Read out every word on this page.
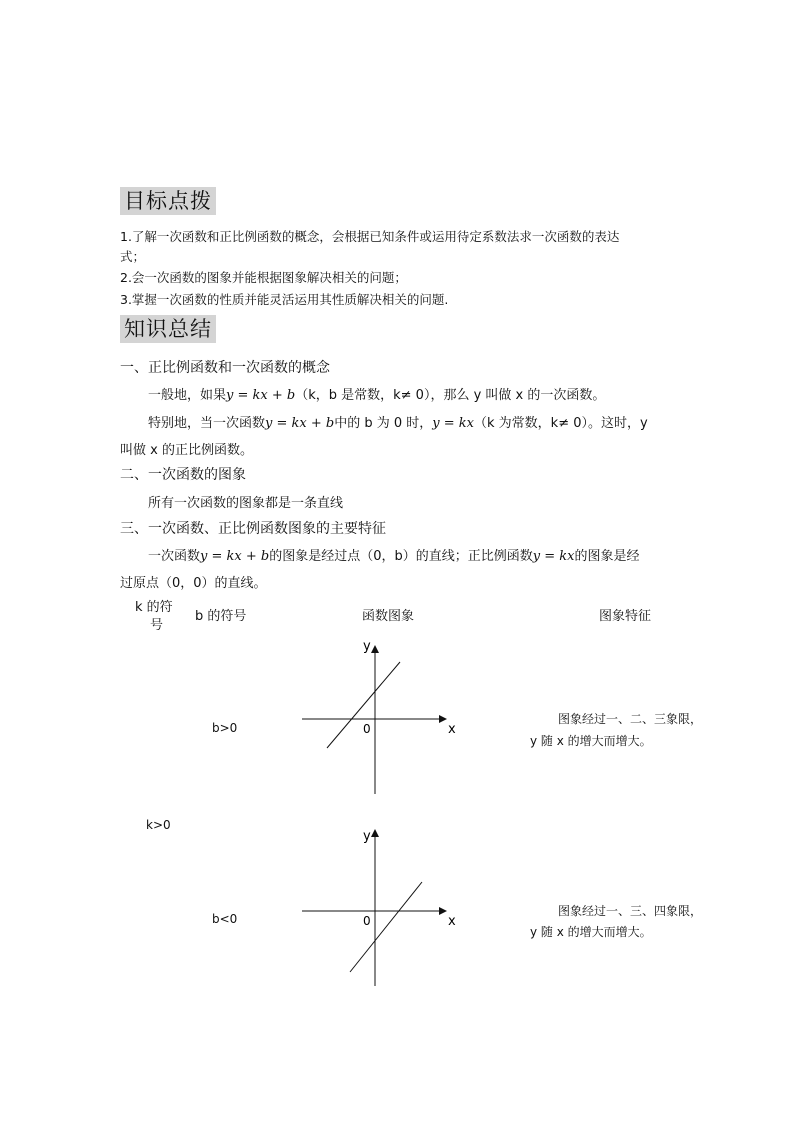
目标点拨
1.了解一次函数和正比例函数的概念，会根据已知条件或运用待定系数法求一次函数的表达
式；
2.会一次函数的图象并能根据图象解决相关的问题；
3.掌握一次函数的性质并能灵活运用其性质解决相关的问题.
知识总结
一、正比例函数和一次函数的概念
一般地，如果y = kx + b（k，b 是常数，k≠ 0），那么 y 叫做 x 的一次函数。
特别地，当一次函数y = kx + b中的 b 为 0 时，y = kx（k 为常数，k≠ 0）。这时，y
叫做 x 的正比例函数。
二、一次函数的图象
所有一次函数的图象都是一条直线
三、一次函数、正比例函数图象的主要特征
一次函数y = kx + b的图象是经过点（0，b）的直线；正比例函数y = kx的图象是经
过原点（0，0）的直线。
k 的符
号
b 的符号	函数图象	图象特征
b>0
y
x
0
图象经过一、二、三象限，
y 随 x 的增大而增大。
k>0
b<0
y
x
0
图象经过一、三、四象限，
y 随 x 的增大而增大。
